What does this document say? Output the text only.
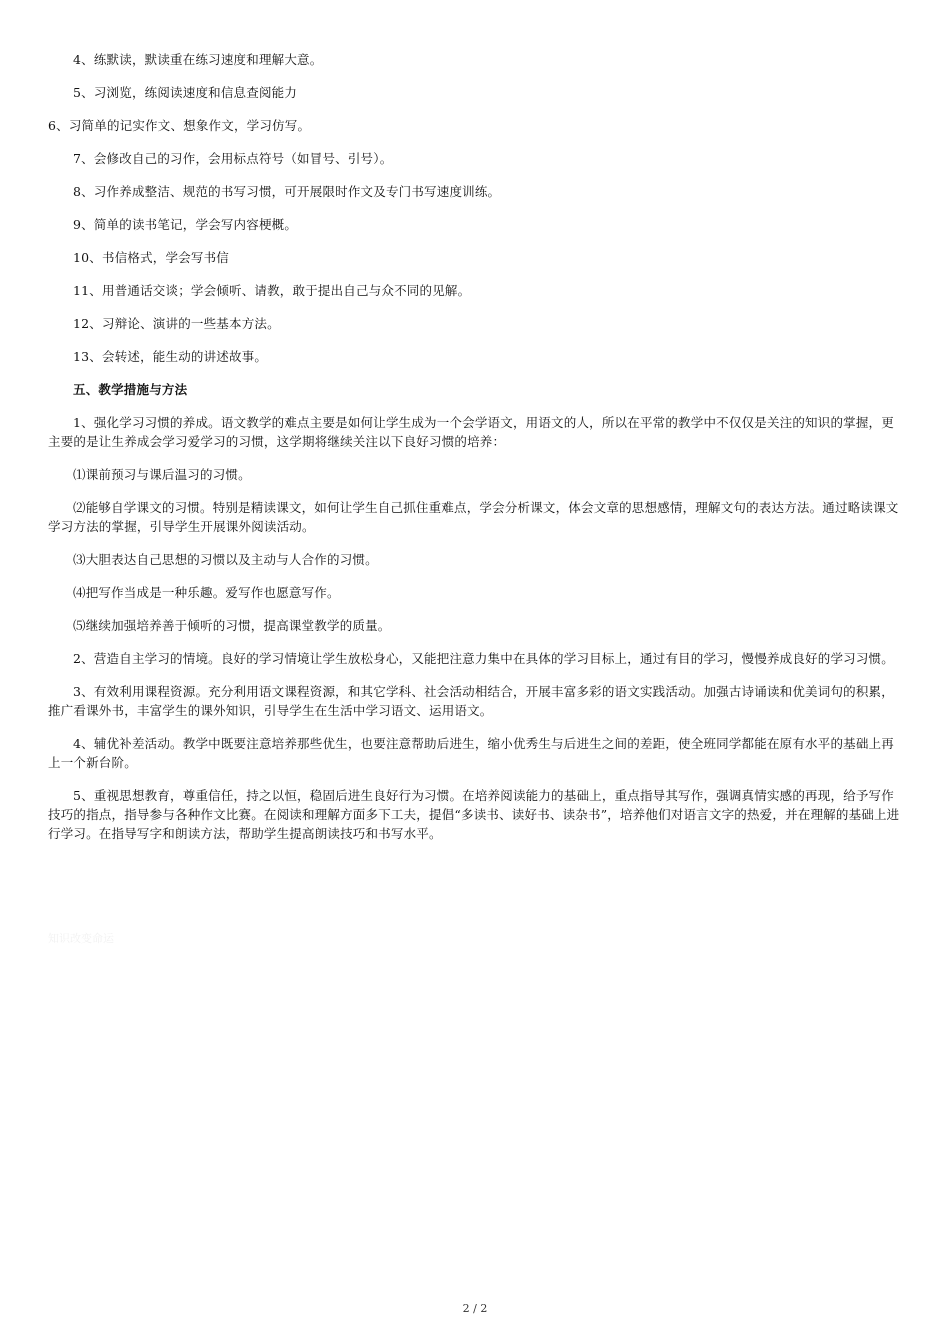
4、练默读，默读重在练习速度和理解大意。

5、习浏览，练阅读速度和信息查阅能力

6、习简单的记实作文、想象作文，学习仿写。

7、会修改自己的习作，会用标点符号（如冒号、引号）。

8、习作养成整洁、规范的书写习惯，可开展限时作文及专门书写速度训练。

9、简单的读书笔记，学会写内容梗概。

10、书信格式，学会写书信

11、用普通话交谈；学会倾听、请教，敢于提出自己与众不同的见解。

12、习辩论、演讲的一些基本方法。

13、会转述，能生动的讲述故事。

五、教学措施与方法

1、强化学习习惯的养成。语文教学的难点主要是如何让学生成为一个会学语文，用语文的人，所以在平常的教学中不仅仅是关注的知识的掌握，更主要的是让生养成会学习爱学习的习惯，这学期将继续关注以下良好习惯的培养：

⑴课前预习与课后温习的习惯。

⑵能够自学课文的习惯。特别是精读课文，如何让学生自己抓住重难点，学会分析课文，体会文章的思想感情，理解文句的表达方法。通过略读课文学习方法的掌握，引导学生开展课外阅读活动。

⑶大胆表达自己思想的习惯以及主动与人合作的习惯。

⑷把写作当成是一种乐趣。爱写作也愿意写作。

⑸继续加强培养善于倾听的习惯，提高课堂教学的质量。

2、营造自主学习的情境。良好的学习情境让学生放松身心，又能把注意力集中在具体的学习目标上，通过有目的学习，慢慢养成良好的学习习惯。

3、有效利用课程资源。充分利用语文课程资源，和其它学科、社会活动相结合，开展丰富多彩的语文实践活动。加强古诗诵读和优美词句的积累，推广看课外书，丰富学生的课外知识，引导学生在生活中学习语文、运用语文。

4、辅优补差活动。教学中既要注意培养那些优生，也要注意帮助后进生，缩小优秀生与后进生之间的差距，使全班同学都能在原有水平的基础上再上一个新台阶。

5、重视思想教育，尊重信任，持之以恒，稳固后进生良好行为习惯。在培养阅读能力的基础上，重点指导其写作，强调真情实感的再现，给予写作技巧的指点，指导参与各种作文比赛。在阅读和理解方面多下工夫，提倡“多读书、读好书、读杂书”，培养他们对语言文字的热爱，并在理解的基础上进行学习。在指导写字和朗读方法，帮助学生提高朗读技巧和书写水平。

知识改变命运
2 / 2
